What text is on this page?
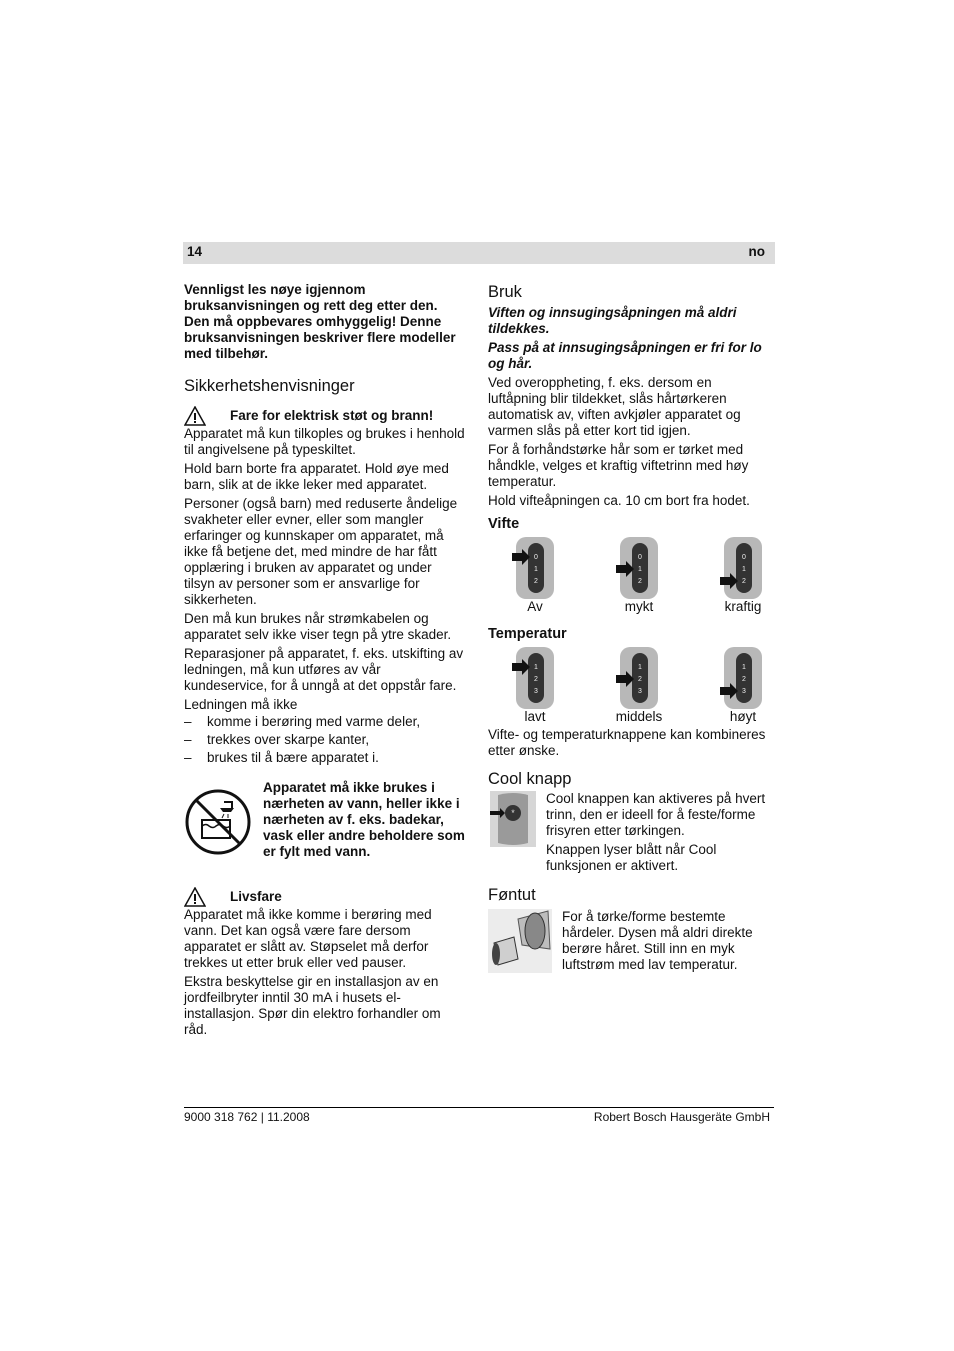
14	no

Vennligst les nøye igjennom bruksanvisningen og rett deg etter den. Den må oppbevares omhyggelig! Denne bruksanvisningen beskriver flere modeller med tilbehør.

Sikkerhetshenvisninger
Fare for elektrisk støt og brann!

Apparatet må kun tilkoples og brukes i henhold til angivelsene på typeskiltet.

Hold barn borte fra apparatet. Hold øye med barn, slik at de ikke leker med apparatet.

Personer (også barn) med reduserte åndelige svakheter eller evner, eller som mangler erfaringer og kunnskaper om apparatet, må ikke få betjene det, med mindre de har fått opplæring i bruken av apparatet og under tilsyn av personer som er ansvarlige for sikkerheten.

Den må kun brukes når strømkabelen og apparatet selv ikke viser tegn på ytre skader.

Reparasjoner på apparatet, f. eks. utskifting av ledningen, må kun utføres av vår kundeservice, for å unngå at det oppstår fare.

Ledningen må ikke

– komme i berøring med varme deler,
– trekkes over skarpe kanter,
– brukes til å bære apparatet i.

Apparatet må ikke brukes i nærheten av vann, heller ikke i nærheten av f. eks. badekar, vask eller andre beholdere som er fylt med vann.

Livsfare

Apparatet må ikke komme i berøring med vann. Det kan også være fare dersom apparatet er slått av. Støpselet må derfor trekkes ut etter bruk eller ved pauser.

Ekstra beskyttelse gir en installasjon av en jordfeilbryter inntil 30 mA i husets el-installasjon. Spør din elektro forhandler om råd.

Bruk

Viften og innsugingsåpningen må aldri tildekkes.

Pass på at innsugingsåpningen er fri for lo og hår.

Ved overoppheting, f. eks. dersom en luftåpning blir tildekket, slås hårtørkeren automatisk av, viften avkjøler apparatet og varmen slås på etter kort tid igjen.

For å forhåndstørke hår som er tørket med håndkle, velges et kraftig viftetrinn med høy temperatur.

Hold vifteåpningen ca. 10 cm bort fra hodet.

Vifte
0
1
2
Av
0
1
2
mykt
0
1
2
kraftig
Temperatur
1
2
3
lavt
1
2
3
middels
1
2
3
høyt

Vifte- og temperaturknappene kan kombineres etter ønske.

Cool knapp
*

Cool knappen kan aktiveres på hvert trinn, den er ideell for å feste/forme frisyren etter tørkingen.

Knappen lyser blått når Cool funksjonen er aktivert.

Føntut

For å tørke/forme bestemte hårdeler. Dysen må aldri direkte berøre håret. Still inn en myk luftstrøm med lav temperatur.

9000 318 762 | 11.2008	Robert Bosch Hausgeräte GmbH
